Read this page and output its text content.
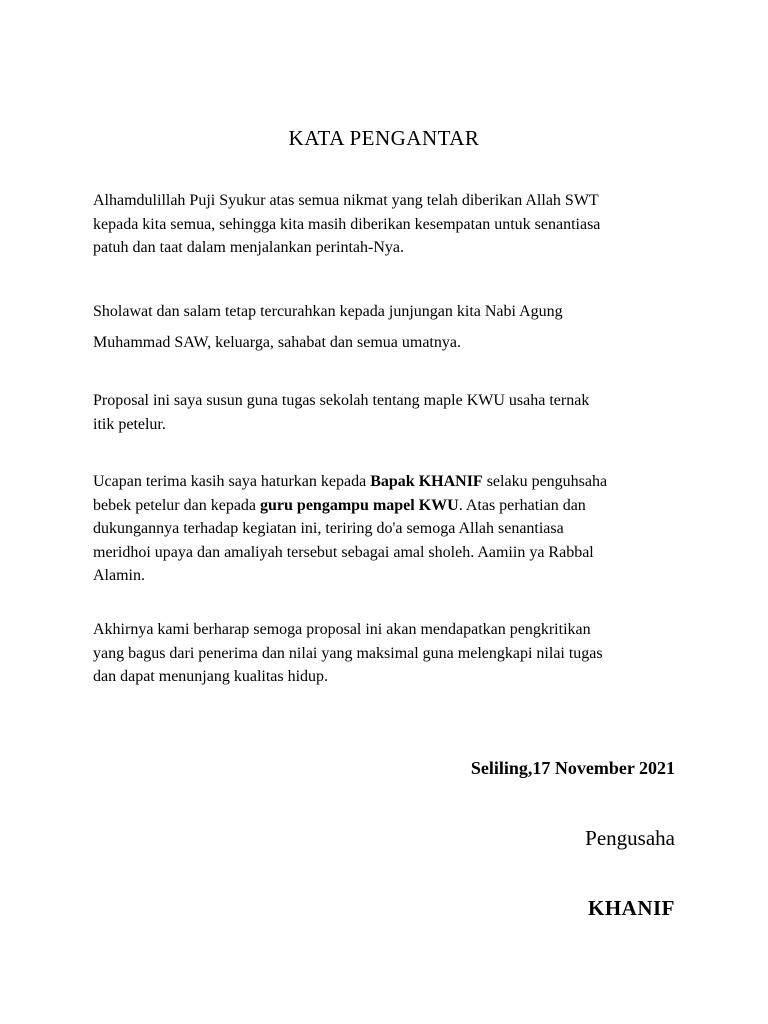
KATA PENGANTAR
Alhamdulillah Puji Syukur atas semua nikmat yang telah diberikan Allah SWT
kepada kita semua, sehingga kita masih diberikan kesempatan untuk senantiasa
patuh dan taat dalam menjalankan perintah-Nya.
Sholawat dan salam tetap tercurahkan kepada junjungan kita Nabi Agung
Muhammad SAW, keluarga, sahabat dan semua umatnya.
Proposal ini saya susun guna tugas sekolah tentang maple KWU usaha ternak
itik petelur.
Ucapan terima kasih saya haturkan kepada Bapak KHANIF selaku penguhsaha
bebek petelur dan kepada guru pengampu mapel KWU. Atas perhatian dan
dukungannya terhadap kegiatan ini, teriring do'a semoga Allah senantiasa
meridhoi upaya dan amaliyah tersebut sebagai amal sholeh. Aamiin ya Rabbal
Alamin.
Akhirnya kami berharap semoga proposal ini akan mendapatkan pengkritikan
yang bagus dari penerima dan nilai yang maksimal guna melengkapi nilai tugas
dan dapat menunjang kualitas hidup.
Seliling,17 November 2021
Pengusaha
KHANIF
